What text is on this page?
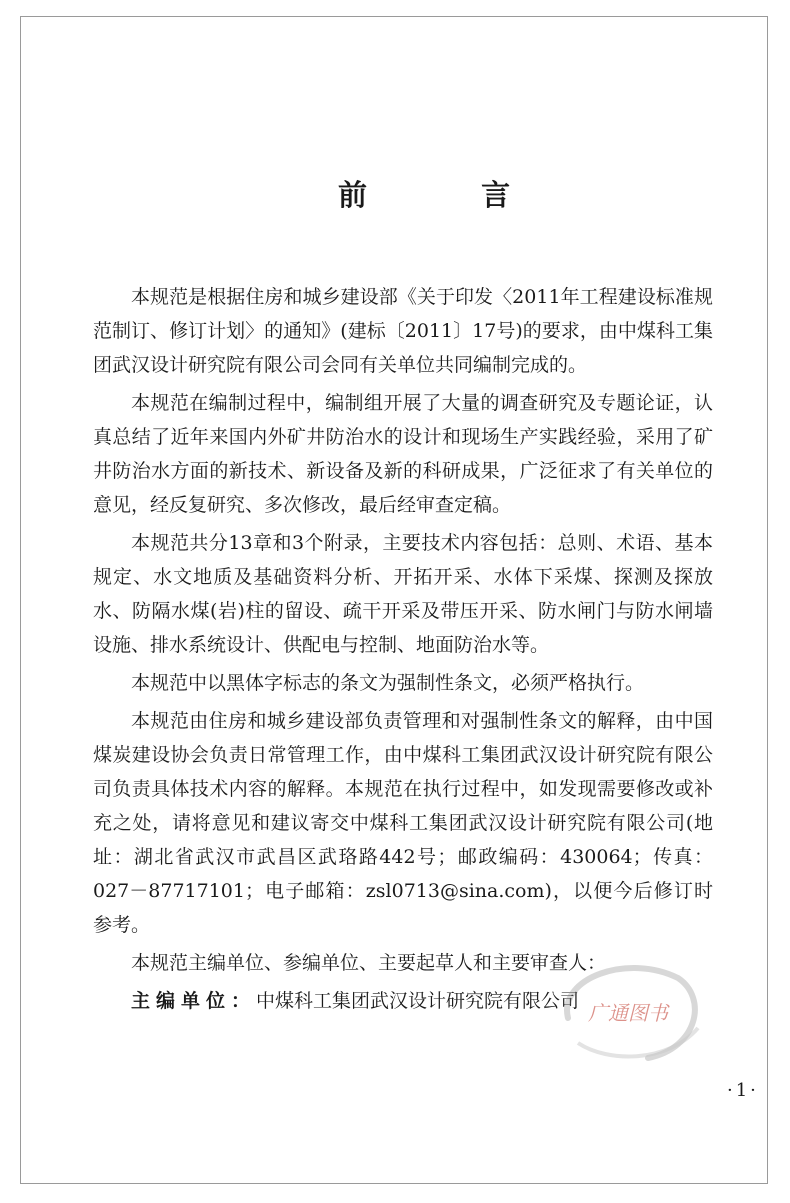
前 言

本规范是根据住房和城乡建设部《关于印发〈2011年工程建设标准规范制订、修订计划〉的通知》(建标〔2011〕17号)的要求，由中煤科工集团武汉设计研究院有限公司会同有关单位共同编制完成的。

本规范在编制过程中，编制组开展了大量的调查研究及专题论证，认真总结了近年来国内外矿井防治水的设计和现场生产实践经验，采用了矿井防治水方面的新技术、新设备及新的科研成果，广泛征求了有关单位的意见，经反复研究、多次修改，最后经审查定稿。

本规范共分13章和3个附录，主要技术内容包括：总则、术语、基本规定、水文地质及基础资料分析、开拓开采、水体下采煤、探测及探放水、防隔水煤(岩)柱的留设、疏干开采及带压开采、防水闸门与防水闸墙设施、排水系统设计、供配电与控制、地面防治水等。

本规范中以黑体字标志的条文为强制性条文，必须严格执行。

本规范由住房和城乡建设部负责管理和对强制性条文的解释，由中国煤炭建设协会负责日常管理工作，由中煤科工集团武汉设计研究院有限公司负责具体技术内容的解释。本规范在执行过程中，如发现需要修改或补充之处，请将意见和建议寄交中煤科工集团武汉设计研究院有限公司(地址：湖北省武汉市武昌区武珞路442号；邮政编码：430064；传真：027－87717101；电子邮箱：zsl0713@sina.com)，以便今后修订时参考。

本规范主编单位、参编单位、主要起草人和主要审查人：

主编单位：中煤科工集团武汉设计研究院有限公司

·1·
广通图书
